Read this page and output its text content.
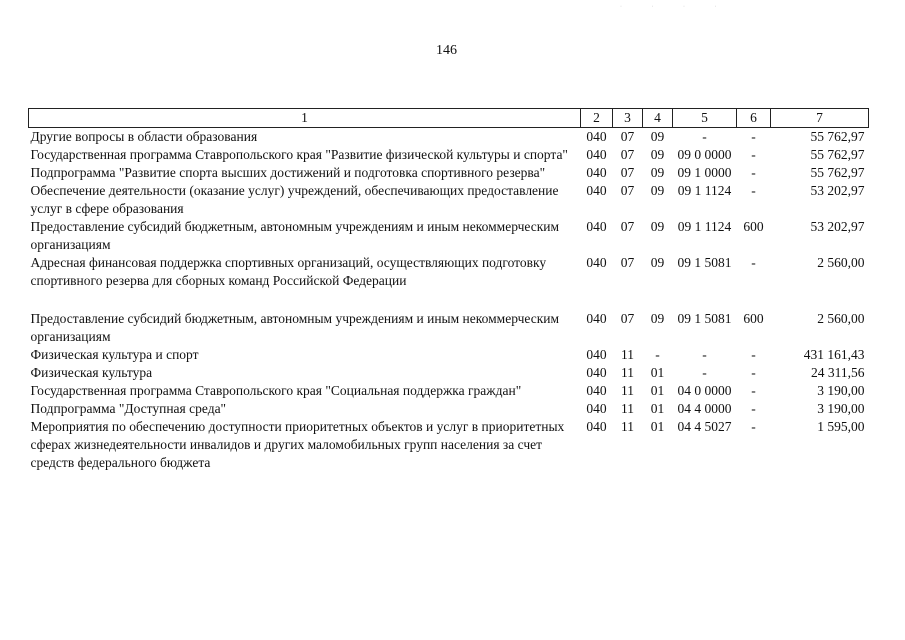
· · · ·
146
1	2	3	4	5	6	7
Другие вопросы в области образования	040	07	09	-	-	55 762,97
Государственная программа Ставропольского края "Развитие физической культуры и спорта"	040	07	09	09 0 0000	-	55 762,97
Подпрограмма "Развитие спорта высших достижений и подготовка спортивного резерва"	040	07	09	09 1 0000	-	55 762,97
Обеспечение деятельности (оказание услуг) учреждений, обеспечивающих предоставление услуг в сфере образования	040	07	09	09 1 1124	-	53 202,97
Предоставление субсидий бюджетным, автономным учреждениям и иным некоммерческим организациям	040	07	09	09 1 1124	600	53 202,97
Адресная финансовая поддержка спортивных организаций, осуществляющих подготовку спортивного резерва для сборных команд Российской Федерации	040	07	09	09 1 5081	-	2 560,00
Предоставление субсидий бюджетным, автономным учреждениям и иным некоммерческим организациям	040	07	09	09 1 5081	600	2 560,00
Физическая культура и спорт	040	11	-	-	-	431 161,43
Физическая культура	040	11	01	-	-	24 311,56
Государственная программа Ставропольского края "Социальная поддержка граждан"	040	11	01	04 0 0000	-	3 190,00
Подпрограмма "Доступная среда"	040	11	01	04 4 0000	-	3 190,00
Мероприятия по обеспечению доступности приоритетных объектов и услуг в приоритетных сферах жизнедеятельности инвалидов и других маломобильных групп населения за счет средств федерального бюджета	040	11	01	04 4 5027	-	1 595,00
